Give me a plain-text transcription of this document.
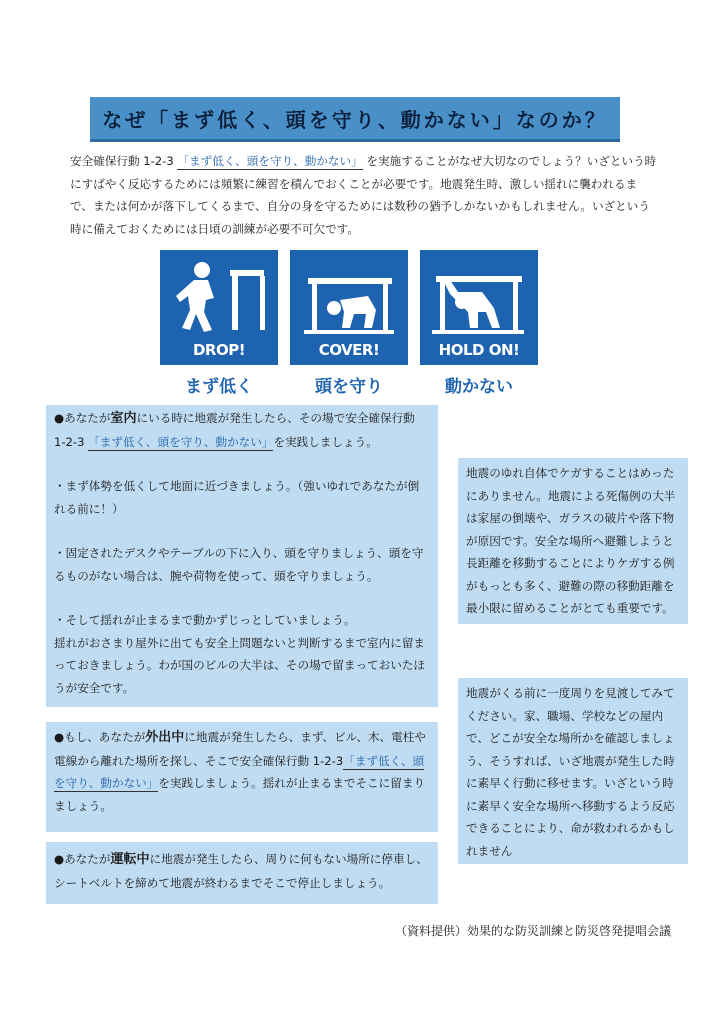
なぜ「まず低く、頭を守り、動かない」なのか？
安全確保行動 1-2-3 「まず低く、頭を守り、動かない」 を実施することがなぜ大切なのでしょう？いざという時にすばやく反応するためには頻繁に練習を積んでおくことが必要です。地震発生時、激しい揺れに襲われるまで、または何かが落下してくるまで、自分の身を守るためには数秒の猶予しかないかもしれません。いざという時に備えておくためには日頃の訓練が必要不可欠です。
DROP!
まず低く
COVER!
頭を守り
HOLD ON!
動かない

●あなたが室内にいる時に地震が発生したら、その場で安全確保行動
1-2-3 「まず低く、頭を守り、動かない」を実践しましょう。

・まず体勢を低くして地面に近づきましょう。（強いゆれであなたが倒れる前に！）

・固定されたデスクやテーブルの下に入り、頭を守りましょう、頭を守るものがない場合は、腕や荷物を使って、頭を守りましょう。

・そして揺れが止まるまで動かずじっとしていましょう。

揺れがおさまり屋外に出ても安全上問題ないと判断するまで室内に留まっておきましょう。わが国のビルの大半は、その場で留まっておいたほうが安全です。

●もし、あなたが外出中に地震が発生したら、まず、ビル、木、電柱や電線から離れた場所を探し、そこで安全確保行動 1-2-3「まず低く、頭を守り、動かない」を実践しましょう。揺れが止まるまでそこに留まりましょう。

●あなたが運転中に地震が発生したら、周りに何もない場所に停車し、シートベルトを締めて地震が終わるまでそこで停止しましょう。

地震のゆれ自体でケガすることはめったにありません。地震による死傷例の大半は家屋の倒壊や、ガラスの破片や落下物が原因です。安全な場所へ避難しようと長距離を移動することによりケガする例がもっとも多く、避難の際の移動距離を最小限に留めることがとても重要です。

地震がくる前に一度周りを見渡してみてください。家、職場、学校などの屋内で、どこが安全な場所かを確認しましょう、そうすれば、いざ地震が発生した時に素早く行動に移せます。いざという時に素早く安全な場所へ移動するよう反応できることにより、命が救われるかもしれません

（資料提供）効果的な防災訓練と防災啓発提唱会議
